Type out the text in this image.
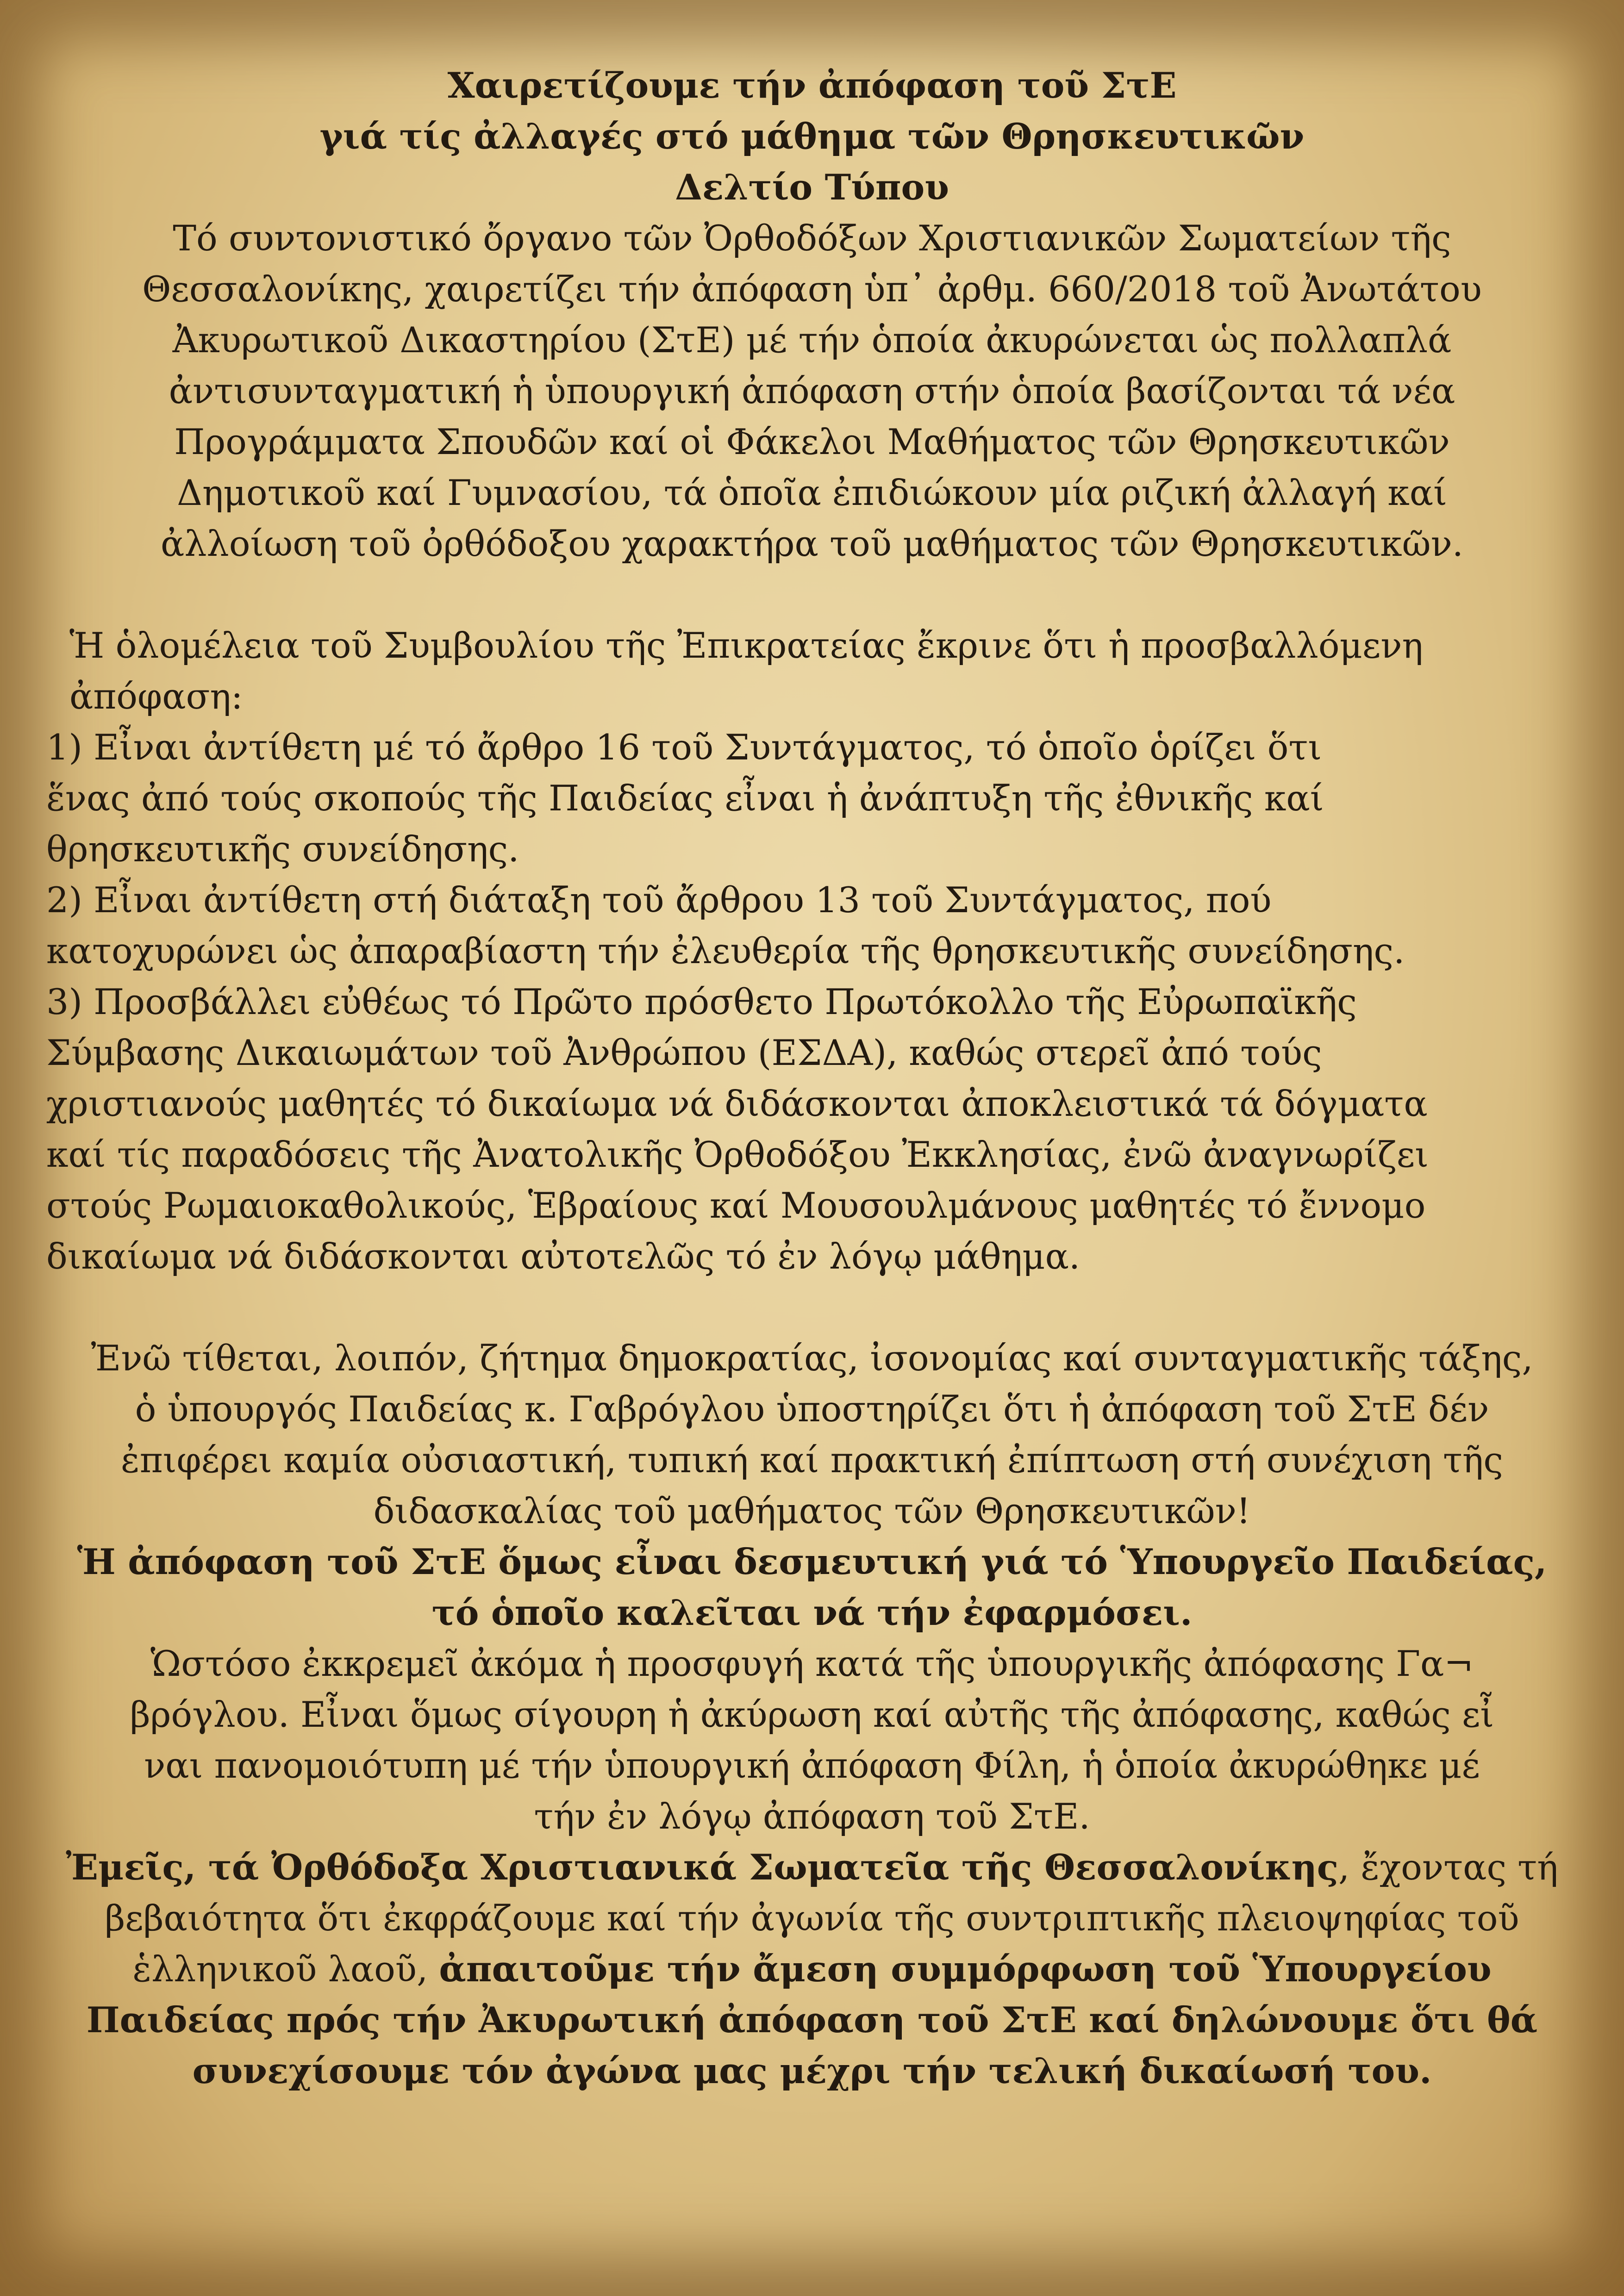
Χαιρετίζουμε τήν ἀπόφαση τοῦ ΣτΕ

γιά τίς ἀλλαγές στό μάθημα τῶν Θρησκευτικῶν

Δελτίο Τύπου

Τό συντονιστικό ὄργανο τῶν Ὀρθοδόξων Χριστιανικῶν Σωματείων τῆς

Θεσσαλονίκης, χαιρετίζει τήν ἀπόφαση ὑπ᾿ ἀρθμ. 660/2018 τοῦ Ἀνωτάτου

Ἀκυρωτικοῦ Δικαστηρίου (ΣτΕ) μέ τήν ὁποία ἀκυρώνεται ὡς πολλαπλά

ἀντισυνταγματική ἡ ὑπουργική ἀπόφαση στήν ὁποία βασίζονται τά νέα

Προγράμματα Σπουδῶν καί οἱ Φάκελοι Μαθήματος τῶν Θρησκευτικῶν

Δημοτικοῦ καί Γυμνασίου, τά ὁποῖα ἐπιδιώκουν μία ριζική ἀλλαγή καί

ἀλλοίωση τοῦ ὀρθόδοξου χαρακτήρα τοῦ μαθήματος τῶν Θρησκευτικῶν.

Ἡ ὁλομέλεια τοῦ Συμβουλίου τῆς Ἐπικρατείας ἔκρινε ὅτι ἡ προσβαλλόμενη

ἀπόφαση:

1) Εἶναι ἀντίθετη μέ τό ἄρθρο 16 τοῦ Συντάγματος, τό ὁποῖο ὁρίζει ὅτι

ἕνας ἀπό τούς σκοπούς τῆς Παιδείας εἶναι ἡ ἀνάπτυξη τῆς ἐθνικῆς καί

θρησκευτικῆς συνείδησης.

2) Εἶναι ἀντίθετη στή διάταξη τοῦ ἄρθρου 13 τοῦ Συντάγματος, πού

κατοχυρώνει ὡς ἀπαραβίαστη τήν ἐλευθερία τῆς θρησκευτικῆς συνείδησης.

3) Προσβάλλει εὐθέως τό Πρῶτο πρόσθετο Πρωτόκολλο τῆς Εὐρωπαϊκῆς

Σύμβασης Δικαιωμάτων τοῦ Ἀνθρώπου (ΕΣΔΑ), καθώς στερεῖ ἀπό τούς

χριστιανούς μαθητές τό δικαίωμα νά διδάσκονται ἀποκλειστικά τά δόγματα

καί τίς παραδόσεις τῆς Ἀνατολικῆς Ὀρθοδόξου Ἐκκλησίας, ἐνῶ ἀναγνωρίζει

στούς Ρωμαιοκαθολικούς, Ἑβραίους καί Μουσουλμάνους μαθητές τό ἔννομο

δικαίωμα νά διδάσκονται αὐτοτελῶς τό ἐν λόγῳ μάθημα.

Ἐνῶ τίθεται, λοιπόν, ζήτημα δημοκρατίας, ἰσονομίας καί συνταγματικῆς τάξης,

ὁ ὑπουργός Παιδείας κ. Γαβρόγλου ὑποστηρίζει ὅτι ἡ ἀπόφαση τοῦ ΣτΕ δέν

ἐπιφέρει καμία οὐσιαστική, τυπική καί πρακτική ἐπίπτωση στή συνέχιση τῆς

διδασκαλίας τοῦ μαθήματος τῶν Θρησκευτικῶν!

Ἡ ἀπόφαση τοῦ ΣτΕ ὅμως εἶναι δεσμευτική γιά τό Ὑπουργεῖο Παιδείας,

τό ὁποῖο καλεῖται νά τήν ἐφαρμόσει.

Ὡστόσο ἐκκρεμεῖ ἀκόμα ἡ προσφυγή κατά τῆς ὑπουργικῆς ἀπόφασης Γα¬

βρόγλου. Εἶναι ὅμως σίγουρη ἡ ἀκύρωση καί αὐτῆς τῆς ἀπόφασης, καθώς εἶ

ναι πανομοιότυπη μέ τήν ὑπουργική ἀπόφαση Φίλη, ἡ ὁποία ἀκυρώθηκε μέ

τήν ἐν λόγῳ ἀπόφαση τοῦ ΣτΕ.

Ἐμεῖς, τά Ὀρθόδοξα Χριστιανικά Σωματεῖα τῆς Θεσσαλονίκης, ἔχοντας τή

βεβαιότητα ὅτι ἐκφράζουμε καί τήν ἀγωνία τῆς συντριπτικῆς πλειοψηφίας τοῦ

ἑλληνικοῦ λαοῦ, ἀπαιτοῦμε τήν ἄμεση συμμόρφωση τοῦ Ὑπουργείου

Παιδείας πρός τήν Ἀκυρωτική ἀπόφαση τοῦ ΣτΕ καί δηλώνουμε ὅτι θά

συνεχίσουμε τόν ἀγώνα μας μέχρι τήν τελική δικαίωσή του.
